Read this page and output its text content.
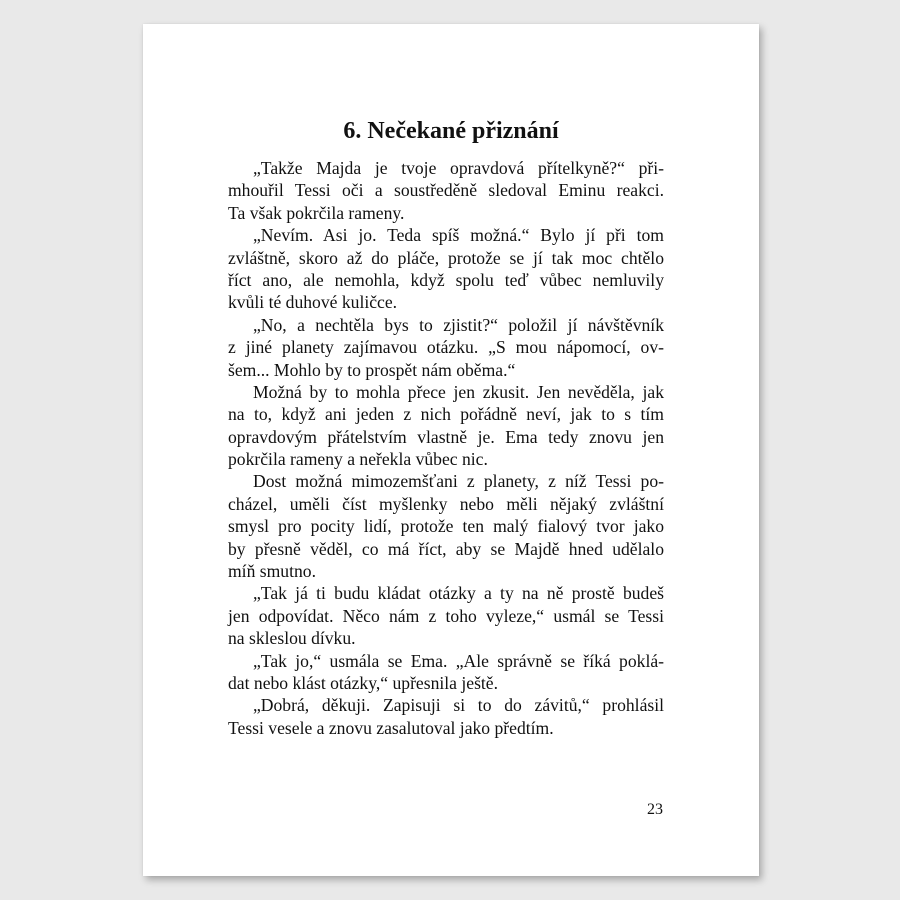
6. Nečekané přiznání
„Takže Majda je tvoje opravdová přítelkyně?“ při-
mhouřil Tessi oči a soustředěně sledoval Eminu reakci.
Ta však pokrčila rameny.
„Nevím. Asi jo. Teda spíš možná.“ Bylo jí při tom
zvláštně, skoro až do pláče, protože se jí tak moc chtělo
říct ano, ale nemohla, když spolu teď vůbec nemluvily
kvůli té duhové kuličce.
„No, a nechtěla bys to zjistit?“ položil jí návštěvník
z jiné planety zajímavou otázku. „S mou nápomocí, ov-
šem... Mohlo by to prospět nám oběma.“
Možná by to mohla přece jen zkusit. Jen nevěděla, jak
na to, když ani jeden z nich pořádně neví, jak to s tím
opravdovým přátelstvím vlastně je. Ema tedy znovu jen
pokrčila rameny a neřekla vůbec nic.
Dost možná mimozemšťani z planety, z níž Tessi po-
cházel, uměli číst myšlenky nebo měli nějaký zvláštní
smysl pro pocity lidí, protože ten malý fialový tvor jako
by přesně věděl, co má říct, aby se Majdě hned udělalo
míň smutno.
„Tak já ti budu kládat otázky a ty na ně prostě budeš
jen odpovídat. Něco nám z toho vyleze,“ usmál se Tessi
na skleslou dívku.
„Tak jo,“ usmála se Ema. „Ale správně se říká poklá-
dat nebo klást otázky,“ upřesnila ještě.
„Dobrá, děkuji. Zapisuji si to do závitů,“ prohlásil
Tessi vesele a znovu zasalutoval jako předtím.
23
